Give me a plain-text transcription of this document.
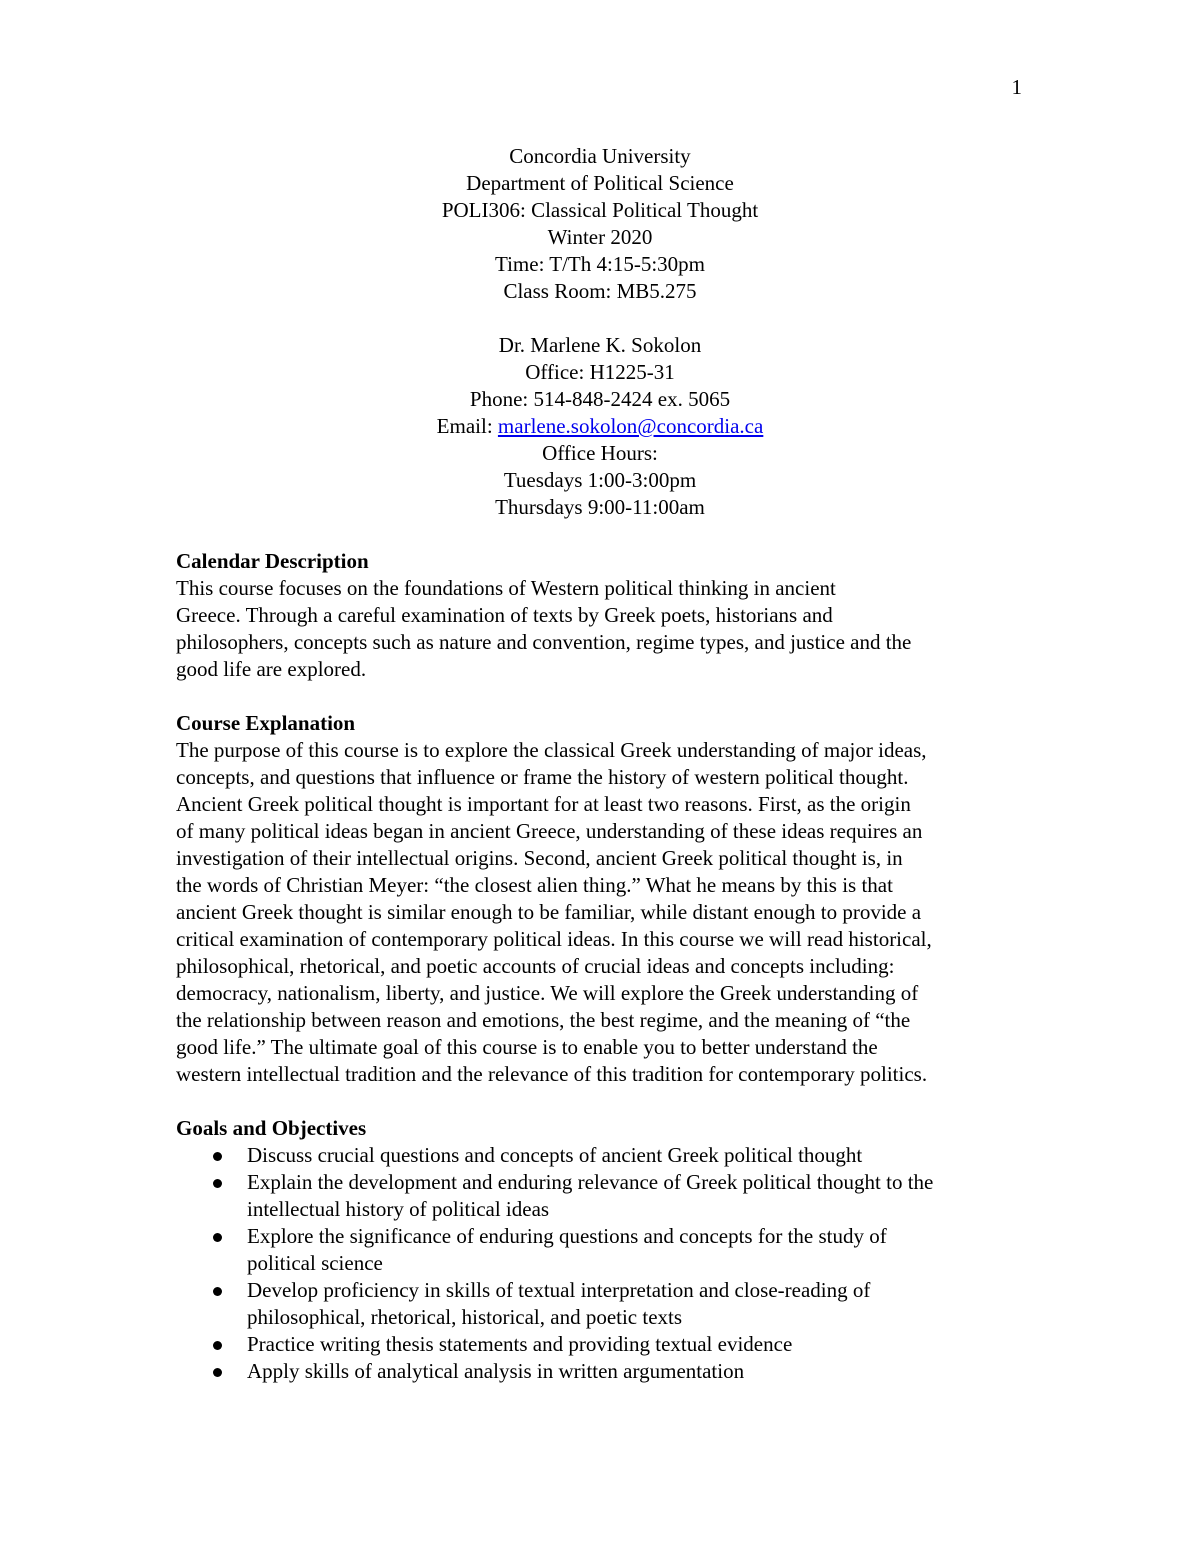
1
Concordia University
Department of Political Science
POLI306: Classical Political Thought
Winter 2020
Time: T/Th 4:15-5:30pm
Class Room: MB5.275
Dr. Marlene K. Sokolon
Office: H1225-31
Phone: 514-848-2424 ex. 5065
Email: marlene.sokolon@concordia.ca
Office Hours:
Tuesdays 1:00-3:00pm
Thursdays 9:00-11:00am
Calendar Description
This course focuses on the foundations of Western political thinking in ancient
Greece. Through a careful examination of texts by Greek poets, historians and
philosophers, concepts such as nature and convention, regime types, and justice and the
good life are explored.
Course Explanation
The purpose of this course is to explore the classical Greek understanding of major ideas,
concepts, and questions that influence or frame the history of western political thought.
Ancient Greek political thought is important for at least two reasons. First, as the origin
of many political ideas began in ancient Greece, understanding of these ideas requires an
investigation of their intellectual origins. Second, ancient Greek political thought is, in
the words of Christian Meyer: “the closest alien thing.” What he means by this is that
ancient Greek thought is similar enough to be familiar, while distant enough to provide a
critical examination of contemporary political ideas. In this course we will read historical,
philosophical, rhetorical, and poetic accounts of crucial ideas and concepts including:
democracy, nationalism, liberty, and justice. We will explore the Greek understanding of
the relationship between reason and emotions, the best regime, and the meaning of “the
good life.” The ultimate goal of this course is to enable you to better understand the
western intellectual tradition and the relevance of this tradition for contemporary politics.
Goals and Objectives
Discuss crucial questions and concepts of ancient Greek political thought
Explain the development and enduring relevance of Greek political thought to the
intellectual history of political ideas
Explore the significance of enduring questions and concepts for the study of
political science
Develop proficiency in skills of textual interpretation and close-reading of
philosophical, rhetorical, historical, and poetic texts
Practice writing thesis statements and providing textual evidence
Apply skills of analytical analysis in written argumentation
